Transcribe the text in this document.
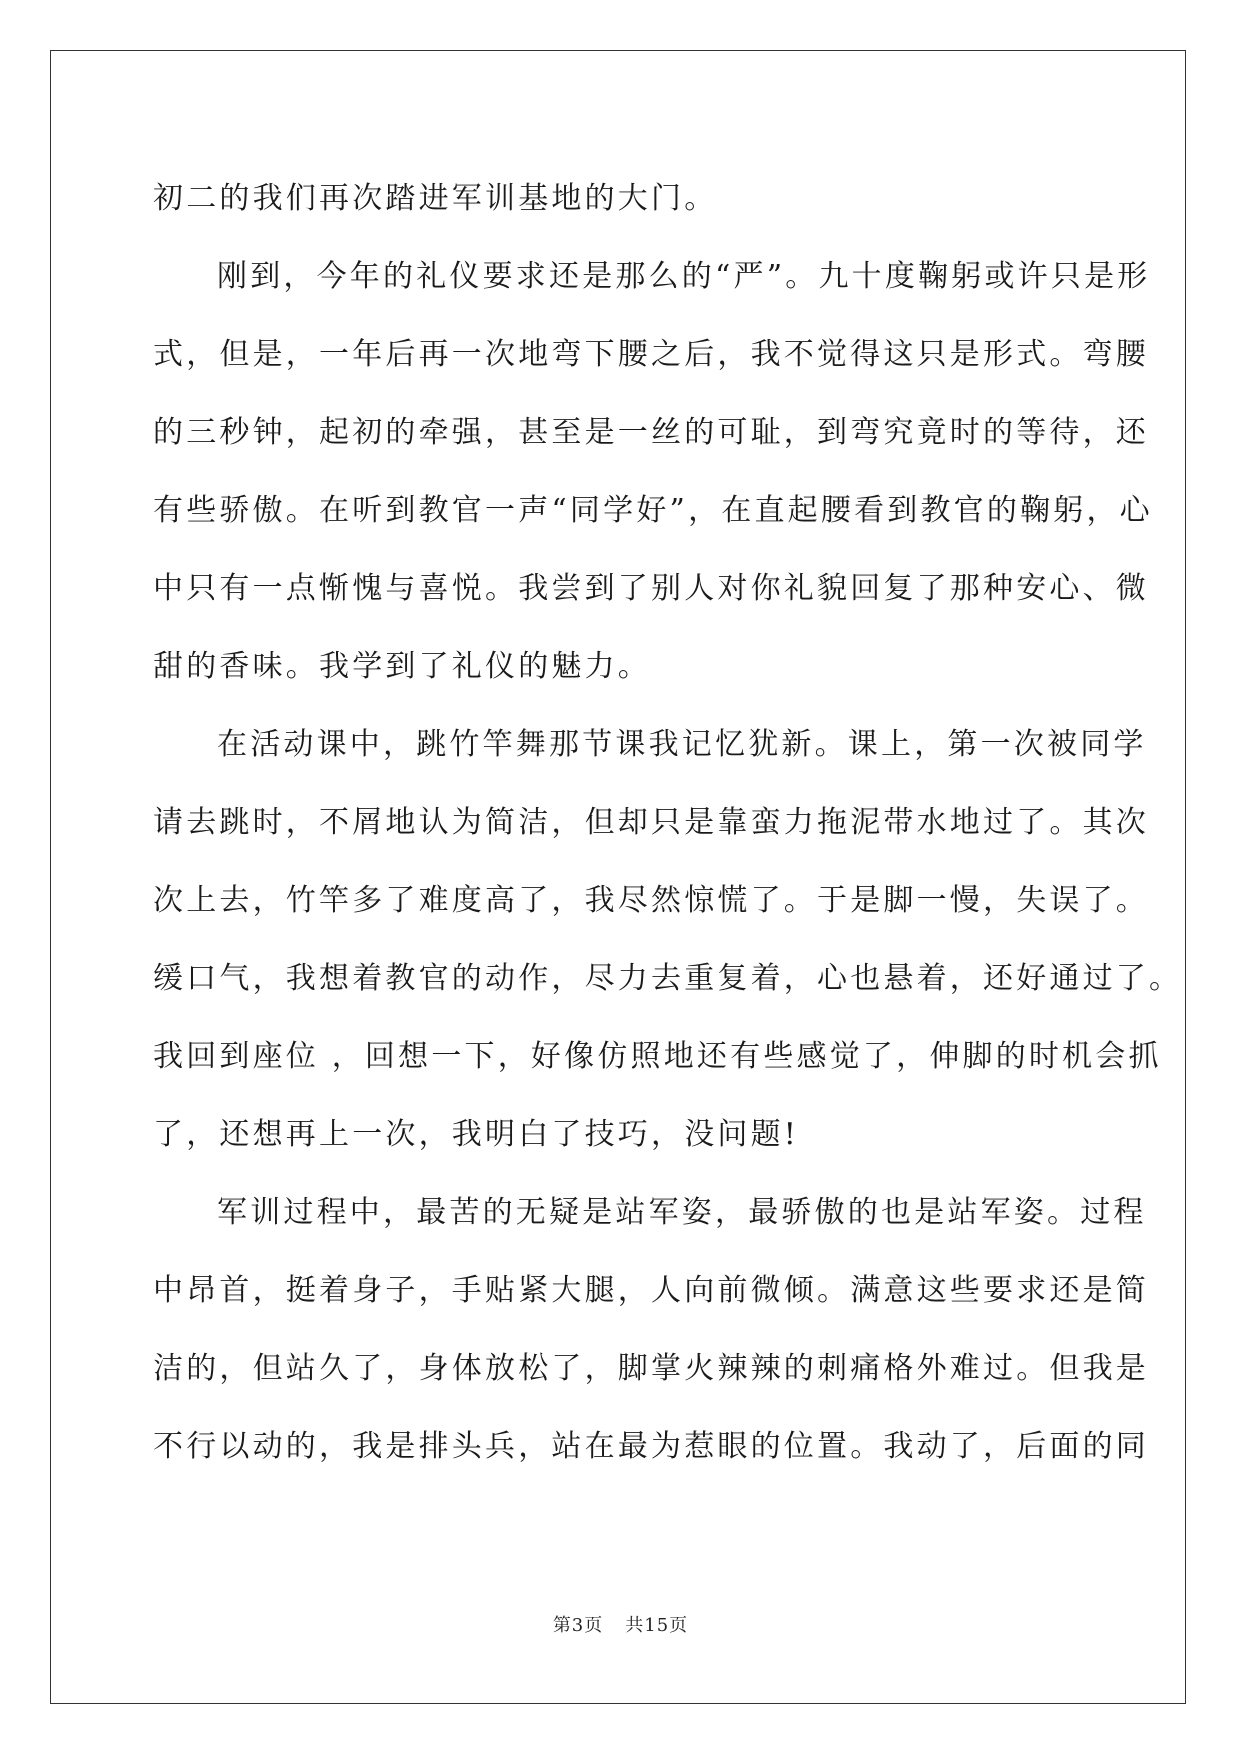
初二的我们再次踏进军训基地的大门。
刚到，今年的礼仪要求还是那么的“严”。九十度鞠躬或许只是形
式，但是，一年后再一次地弯下腰之后，我不觉得这只是形式。弯腰
的三秒钟，起初的牵强，甚至是一丝的可耻，到弯究竟时的等待，还
有些骄傲。在听到教官一声“同学好”，在直起腰看到教官的鞠躬，心
中只有一点惭愧与喜悦。我尝到了别人对你礼貌回复了那种安心、微
甜的香味。我学到了礼仪的魅力。
在活动课中，跳竹竿舞那节课我记忆犹新。课上，第一次被同学
请去跳时，不屑地认为简洁，但却只是靠蛮力拖泥带水地过了。其次
次上去，竹竿多了难度高了，我尽然惊慌了。于是脚一慢，失误了。
缓口气，我想着教官的动作，尽力去重复着，心也悬着，还好通过了。
我回到座位 ，回想一下，好像仿照地还有些感觉了，伸脚的时机会抓
了，还想再上一次，我明白了技巧，没问题!
军训过程中，最苦的无疑是站军姿，最骄傲的也是站军姿。过程
中昂首，挺着身子，手贴紧大腿，人向前微倾。满意这些要求还是简
洁的，但站久了，身体放松了，脚掌火辣辣的刺痛格外难过。但我是
不行以动的，我是排头兵，站在最为惹眼的位置。我动了，后面的同
第3页 共15页
